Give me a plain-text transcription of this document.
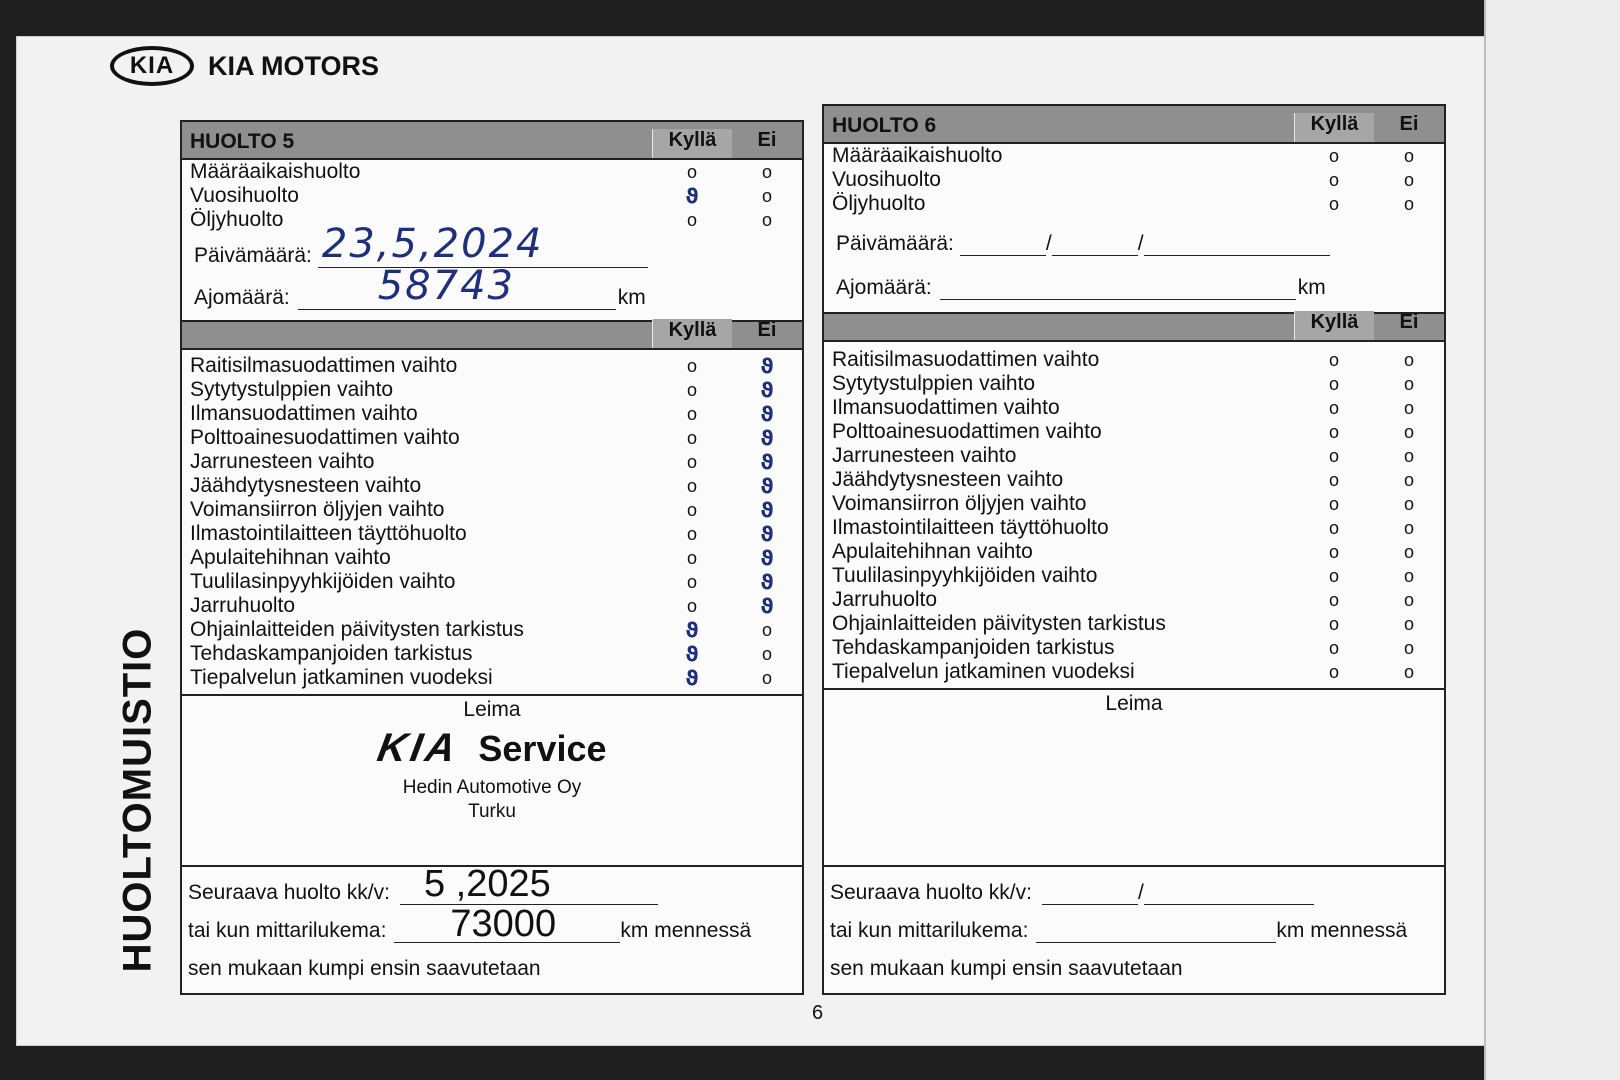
KIA	KIA MOTORS
HUOLTOMUISTIO
HUOLTO 5	Kyllä	Ei
Määräaikaishuolto	o	o
Vuosihuolto	ϑ	o
Öljyhuolto	o	o
Päivämäärä: 23,5,2024
Ajomäärä: 58743	km
Kyllä	Ei
Raitisilmasuodattimen vaihto	o	ϑ
Sytytystulppien vaihto	o	ϑ
Ilmansuodattimen vaihto	o	ϑ
Polttoainesuodattimen vaihto	o	ϑ
Jarrunesteen vaihto	o	ϑ
Jäähdytysnesteen vaihto	o	ϑ
Voimansiirron öljyjen vaihto	o	ϑ
Ilmastointilaitteen täyttöhuolto	o	ϑ
Apulaitehihnan vaihto	o	ϑ
Tuulilasinpyyhkijöiden vaihto	o	ϑ
Jarruhuolto	o	ϑ
Ohjainlaitteiden päivitysten tarkistus	ϑ	o
Tehdaskampanjoiden tarkistus	ϑ	o
Tiepalvelun jatkaminen vuodeksi	ϑ	o
Leima
KIA Service
Hedin Automotive Oy
Turku
Seuraava huolto kk/v: 5 ,2025
tai kun mittarilukema: 73000	km mennessä
sen mukaan kumpi ensin saavutetaan
HUOLTO 6	Kyllä	Ei
Määräaikaishuolto	o	o
Vuosihuolto	o	o
Öljyhuolto	o	o
Päivämäärä:	/	/
Ajomäärä:	km
Kyllä	Ei
Raitisilmasuodattimen vaihto	o	o
Sytytystulppien vaihto	o	o
Ilmansuodattimen vaihto	o	o
Polttoainesuodattimen vaihto	o	o
Jarrunesteen vaihto	o	o
Jäähdytysnesteen vaihto	o	o
Voimansiirron öljyjen vaihto	o	o
Ilmastointilaitteen täyttöhuolto	o	o
Apulaitehihnan vaihto	o	o
Tuulilasinpyyhkijöiden vaihto	o	o
Jarruhuolto	o	o
Ohjainlaitteiden päivitysten tarkistus	o	o
Tehdaskampanjoiden tarkistus	o	o
Tiepalvelun jatkaminen vuodeksi	o	o
Leima
Seuraava huolto kk/v:	/
tai kun mittarilukema:	km mennessä
sen mukaan kumpi ensin saavutetaan
6
